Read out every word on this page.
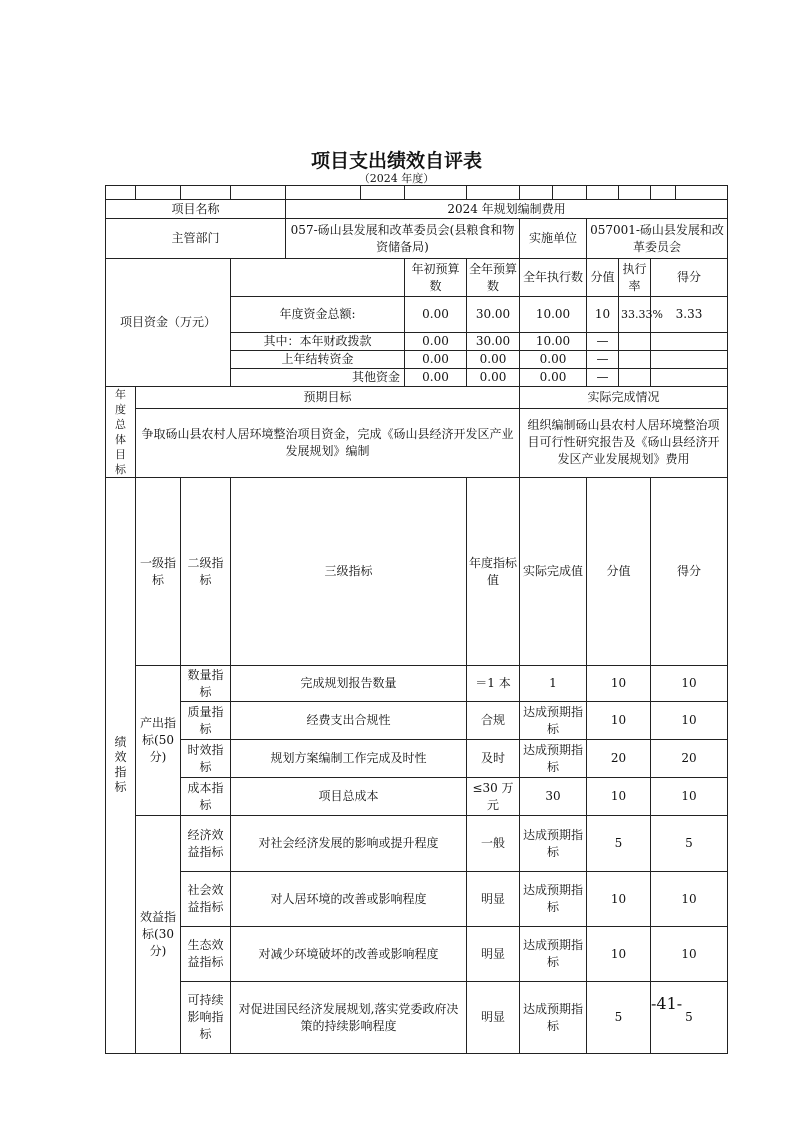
项目支出绩效自评表
（2024 年度）

项目名称				2024 年规划编制费用										
主管部门				057-砀山县发展和改革委员会(县粮食和物资储备局)				实施单位		057001-砀山县发展和改革委员会				
项目资金（万元）						年初预算数	全年预算数	全年执行数		分值	执行率	得分		
			年度资金总额:			0.00	30.00	10.00		10	33.33%	3.33		
			其中：本年财政拨款			0.00	30.00	10.00		—				
			上年结转资金			0.00	0.00	0.00		—				
			其他资金			0.00	0.00	0.00		—				
年度总体目标	预期目标							实际完成情况						
	争取砀山县农村人居环境整治项目资金，完成《砀山县经济开发区产业发展规划》编制							组织编制砀山县农村人居环境整治项目可行性研究报告及《砀山县经济开发区产业发展规划》费用						
绩效指标	一级指标	二级指标	三级指标				年度指标值	实际完成值		分值		得分	
	产出指标(50分)	数量指标	完成规划报告数量				＝1 本	1		10		10		
		质量指标	经费支出合规性				合规	达成预期指标		10		10		
		时效指标	规划方案编制工作完成及时性				及时	达成预期指标		20		20		
		成本指标	项目总成本				≤30 万元	30		10		10		
	效益指标(30分)	经济效益指标	对社会经济发展的影响或提升程度				一般	达成预期指标		5		5		
		社会效益指标	对人居环境的改善或影响程度				明显	达成预期指标		10		10		
		生态效益指标	对减少环境破坏的改善或影响程度				明显	达成预期指标		10		10		
		可持续影响指标	对促进国民经济发展规划,落实党委政府决策的持续影响程度				明显	达成预期指标		5		5		
-41-
